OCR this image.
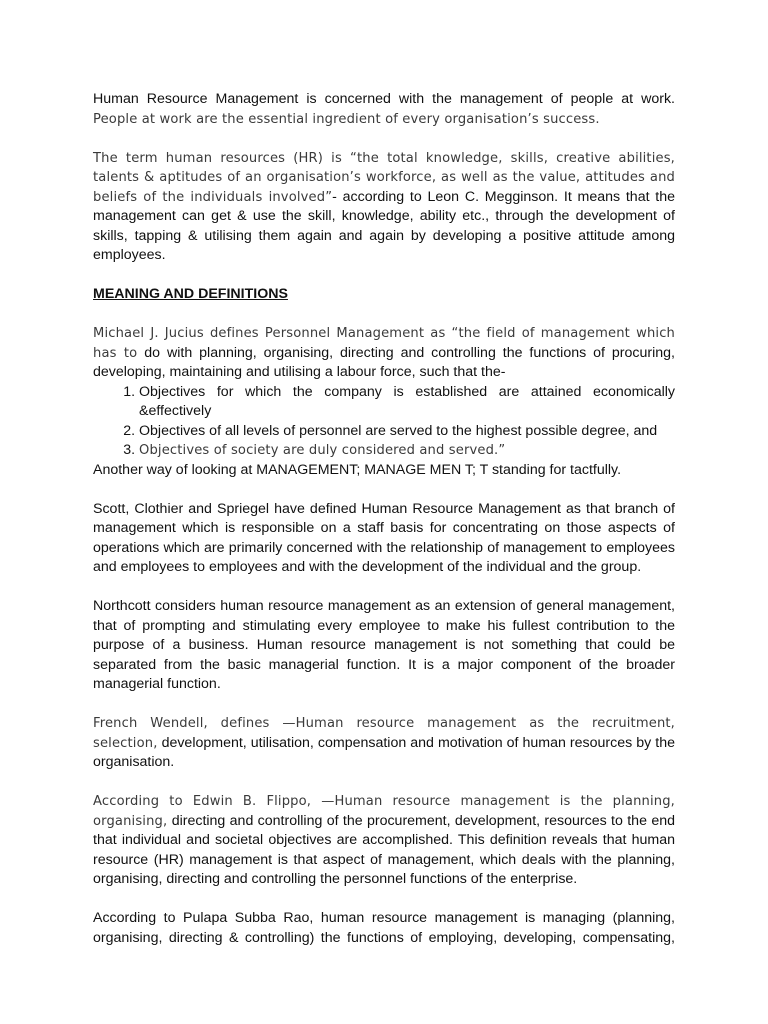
Human Resource Management is concerned with the management of people at work. People at work are the essential ingredient of every organisation’s success.

The term human resources (HR) is “the total knowledge, skills, creative abilities, talents & aptitudes of an organisation’s workforce, as well as the value, attitudes and beliefs of the individuals involved”- according to Leon C. Megginson. It means that the management can get & use the skill, knowledge, ability etc., through the development of skills, tapping & utilising them again and again by developing a positive attitude among employees.

MEANING AND DEFINITIONS

Michael J. Jucius defines Personnel Management as “the field of management which has to do with planning, organising, directing and controlling the functions of procuring, developing, maintaining and utilising a labour force, such that the-

1. Objectives for which the company is established are attained economically &effectively
2. Objectives of all levels of personnel are served to the highest possible degree, and
3. Objectives of society are duly considered and served.”

Another way of looking at MANAGEMENT; MANAGE MEN T; T standing for tactfully.

Scott, Clothier and Spriegel have defined Human Resource Management as that branch of management which is responsible on a staff basis for concentrating on those aspects of operations which are primarily concerned with the relationship of management to employees and employees to employees and with the development of the individual and the group.

Northcott considers human resource management as an extension of general management, that of prompting and stimulating every employee to make his fullest contribution to the purpose of a business. Human resource management is not something that could be separated from the basic managerial function. It is a major component of the broader managerial function.

French Wendell, defines —Human resource management as the recruitment, selection, development, utilisation, compensation and motivation of human resources by the organisation.

According to Edwin B. Flippo, —Human resource management is the planning, organising, directing and controlling of the procurement, development, resources to the end that individual and societal objectives are accomplished. This definition reveals that human resource (HR) management is that aspect of management, which deals with the planning, organising, directing and controlling the personnel functions of the enterprise.

According to Pulapa Subba Rao, human resource management is managing (planning, organising, directing & controlling) the functions of employing, developing, compensating,
